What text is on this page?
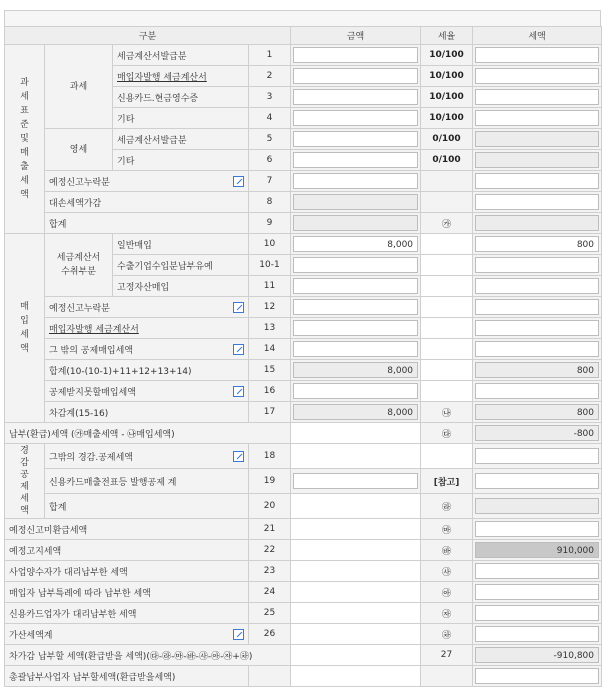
구분				금액	세율	세액

과세표준및매출세액	과세	세금계산서발급분	1		10/100	

		매입자발행 세금계산서	2		10/100	

		신용카드.현금영수증	3		10/100	

		기타	4		10/100	

	영세	세금계산서발급분	5		0/100	

		기타	6		0/100	

	예정신고누락분		7	

	대손세액가감		8	

	합계		9		㉮	

매입세액	세금계산서수취부분	일반매입	10	8,000		800

		수출기업수입분납부유예	10-1	

		고정자산매입	11	

	예정신고누락분		12	

	매입자발행 세금계산서		13	

	그 밖의 공제매입세액		14	

	합계(10-(10-1)+11+12+13+14)		15	8,000		800

	공제받지못할매입세액		16	

	차감계(15-16)		17	8,000	㉯	800

납부(환급)세액 (㉮매출세액 - ㉯매입세액)					㉰	-800

경감공제세액	그밖의 경감.공제세액		18			

	신용카드매출전표등 발행공제 계		19		[참고]	

	합계		20		㉱	

예정신고미환급세액			21		㉲	

예정고지세액			22		㉳	910,000

사업양수자가 대리납부한 세액			23		㉴	

매입자 납부특례에 따라 납부한 세액			24		㉵	

신용카드업자가 대리납부한 세액			25		㉶	

가산세액계			26		㉷	

차가감 납부할 세액(환급받을 세액)(㉰-㉱-㉲-㉳-㉴-㉵-㉶+㉷)					27	-910,800

총괄납부사업자 납부할세액(환급받을세액)						
